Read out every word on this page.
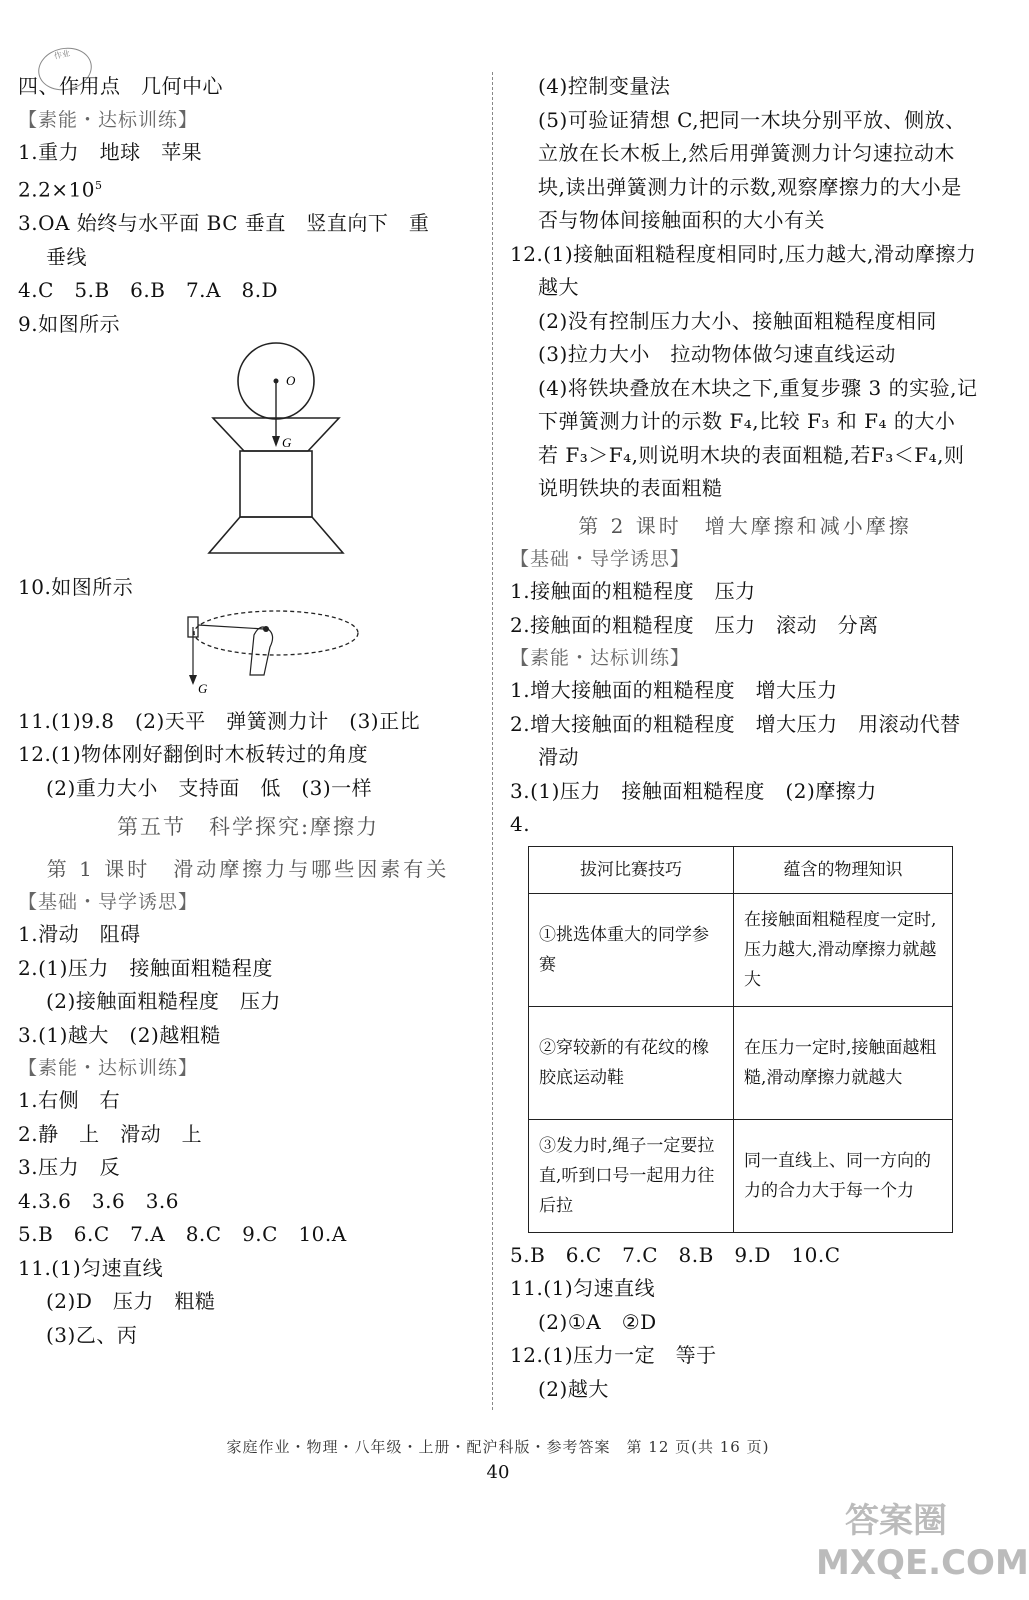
作业
四、作用点　几何中心
【素能・达标训练】
1.重力　地球　苹果
$2.2\times 10^5$
3.OA 始终与水平面 BC 垂直　竖直向下　重
垂线
4.C　5.B　6.B　7.A　8.D
9.如图所示
O
G
10.如图所示
G
11.(1)9.8　(2)天平　弹簧测力计　(3)正比
12.(1)物体刚好翻倒时木板转过的角度
(2)重力大小　支持面　低　(3)一样
第五节　科学探究:摩擦力
第 1 课时　滑动摩擦力与哪些因素有关
【基础・导学诱思】
1.滑动　阻碍
2.(1)压力　接触面粗糙程度
(2)接触面粗糙程度　压力
3.(1)越大　(2)越粗糙
【素能・达标训练】
1.右侧　右
2.静　上　滑动　上
3.压力　反
4.3.6　3.6　3.6
5.B　6.C　7.A　8.C　9.C　10.A
11.(1)匀速直线
(2)D　压力　粗糙
(3)乙、丙
(4)控制变量法
(5)可验证猜想 C,把同一木块分别平放、侧放、立放在长木板上,然后用弹簧测力计匀速拉动木块,读出弹簧测力计的示数,观察摩擦力的大小是否与物体间接触面积的大小有关
12.(1)接触面粗糙程度相同时,压力越大,滑动摩擦力越大
(2)没有控制压力大小、接触面粗糙程度相同
(3)拉力大小　拉动物体做匀速直线运动
(4)将铁块叠放在木块之下,重复步骤 3 的实验,记下弹簧测力计的示数 F₄,比较 F₃ 和 F₄ 的大小　若 F₃＞F₄,则说明木块的表面粗糙,若F₃＜F₄,则说明铁块的表面粗糙
第 2 课时　增大摩擦和减小摩擦
【基础・导学诱思】
1.接触面的粗糙程度　压力
2.接触面的粗糙程度　压力　滚动　分离
【素能・达标训练】
1.增大接触面的粗糙程度　增大压力
2.增大接触面的粗糙程度　增大压力　用滚动代替滑动
3.(1)压力　接触面粗糙程度　(2)摩擦力
4.
拔河比赛技巧	蕴含的物理知识
①挑选体重大的同学参赛	在接触面粗糙程度一定时,压力越大,滑动摩擦力就越大
②穿较新的有花纹的橡胶底运动鞋	在压力一定时,接触面越粗糙,滑动摩擦力就越大
③发力时,绳子一定要拉直,听到口号一起用力往后拉	同一直线上、同一方向的力的合力大于每一个力
5.B　6.C　7.C　8.B　9.D　10.C
11.(1)匀速直线
(2)①A　②D
12.(1)压力一定　等于
(2)越大
家庭作业・物理・八年级・上册・配沪科版・参考答案　第 12 页(共 16 页)
40
答案圈 MXQE.COM
